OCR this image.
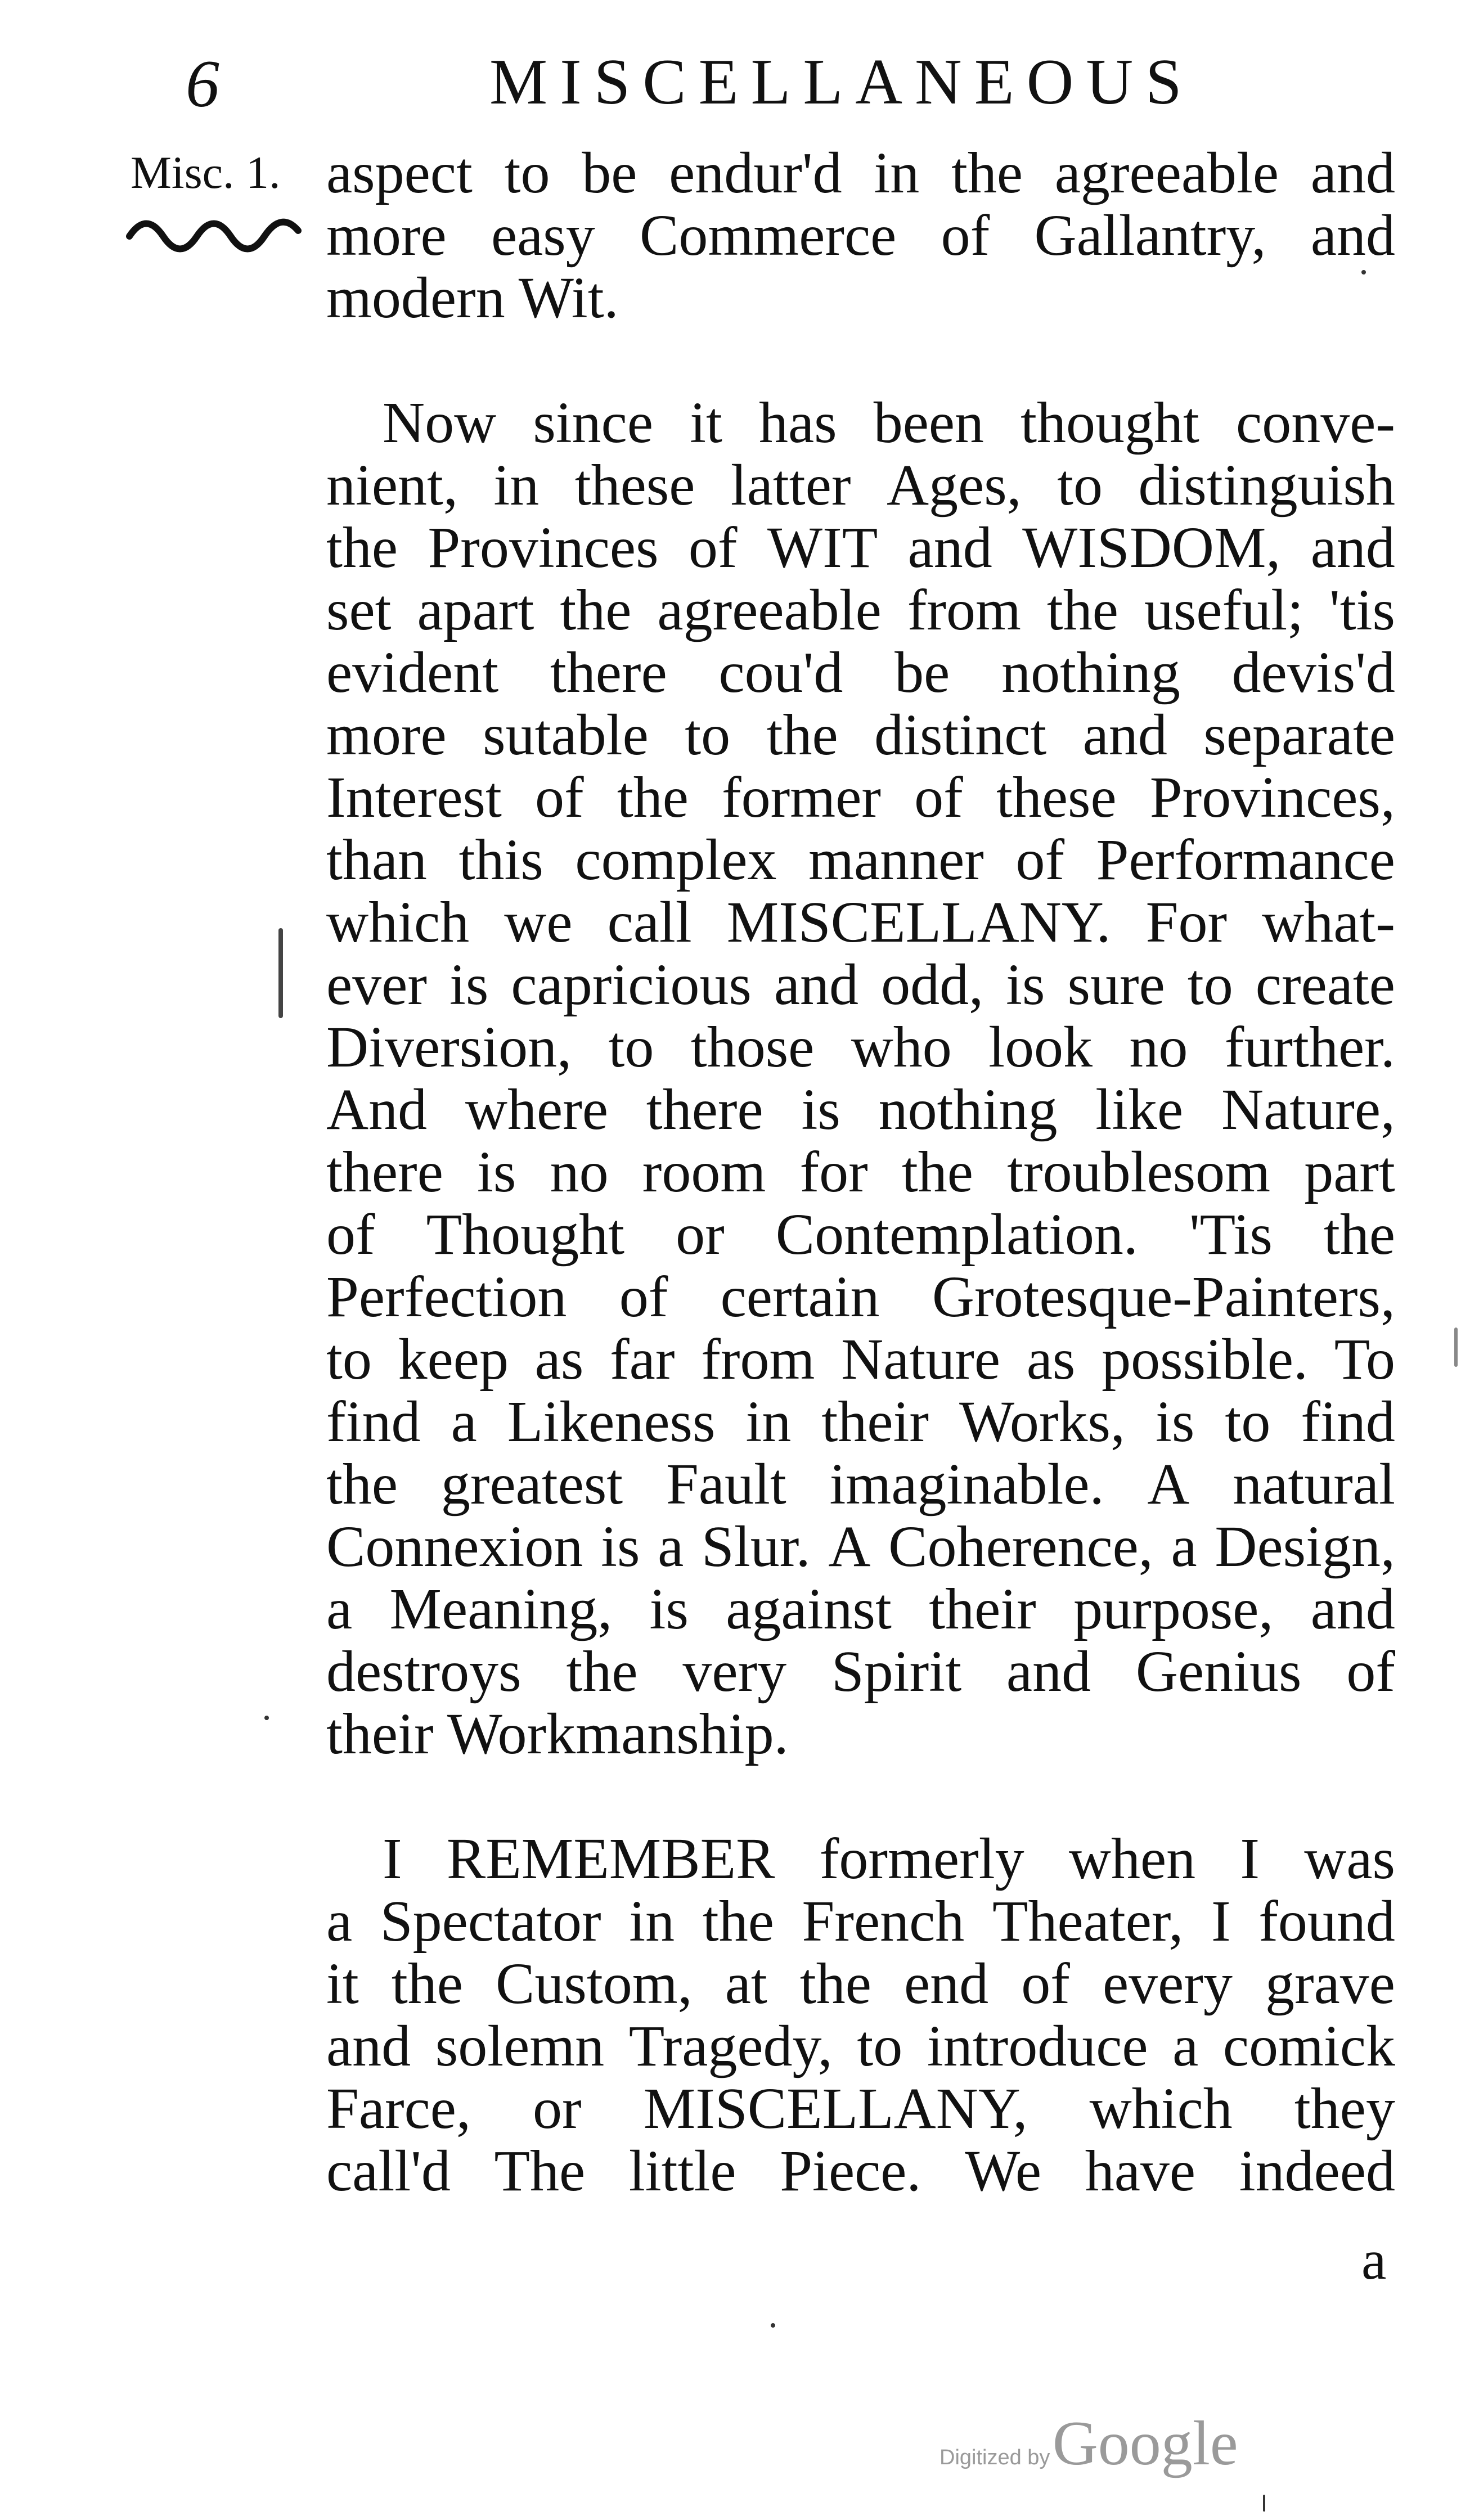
6	MISCELLANEOUS
Misc. 1. aspect to be endur'd in the agreeable and
more easy Commerce of Gallantry, and
modern Wit.
Now since it has been thought conve-
nient, in these latter Ages, to distinguish
the Provinces of WIT and WISDOM, and
set apart the agreeable from the useful; 'tis
evident there cou'd be nothing devis'd
more sutable to the distinct and separate
Interest of the former of these Provinces,
than this complex manner of Performance
which we call MISCELLANY. For what-
ever is capricious and odd, is sure to create
Diversion, to those who look no further.
And where there is nothing like Nature,
there is no room for the troublesom part
of Thought or Contemplation. 'Tis the
Perfection of certain Grotesque-Painters,
to keep as far from Nature as possible. To
find a Likeness in their Works, is to find
the greatest Fault imaginable. A natural
Connexion is a Slur. A Coherence, a Design,
a Meaning, is against their purpose, and
destroys the very Spirit and Genius of
their Workmanship.
I REMEMBER formerly when I was
a Spectator in the French Theater, I found
it the Custom, at the end of every grave
and solemn Tragedy, to introduce a comick
Farce, or MISCELLANY, which they
call'd The little Piece. We have indeed
a
Digitized by Google
